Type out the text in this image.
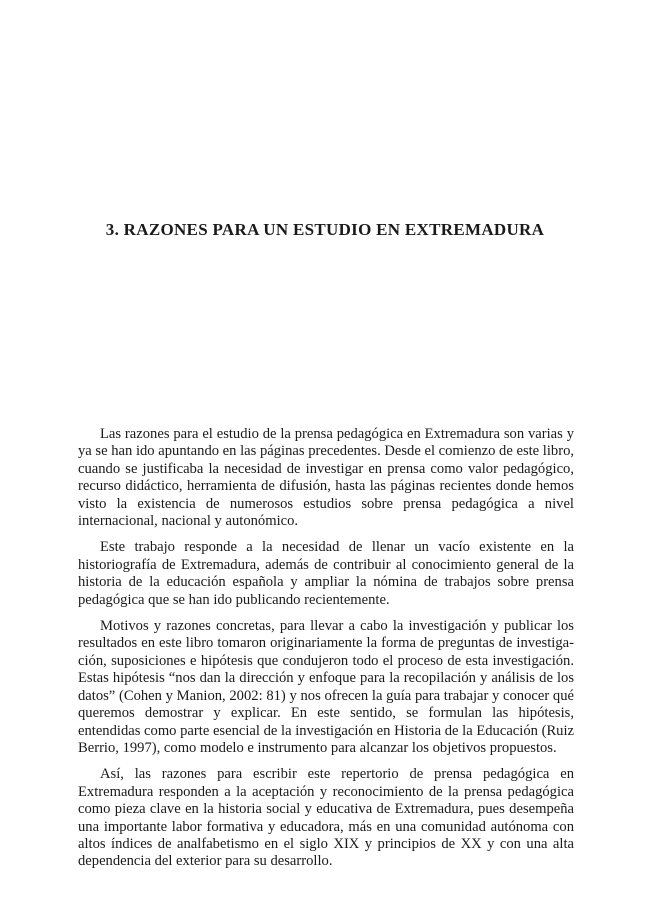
3. RAZONES PARA UN ESTUDIO EN EXTREMADURA

Las razones para el estudio de la prensa pedagógica en Extremadura son varias y ya se han ido apuntando en las páginas precedentes. Desde el comienzo de este libro, cuando se justificaba la necesidad de investigar en prensa como valor pedagógico, recurso didáctico, herramienta de difusión, hasta las páginas recientes donde hemos visto la existencia de numerosos estudios sobre prensa pedagógica a nivel internacional, nacional y autonómico.

Este trabajo responde a la necesidad de llenar un vacío existente en la historiografía de Extremadura, además de contribuir al conocimiento general de la historia de la educación española y ampliar la nómina de trabajos sobre prensa pedagógica que se han ido publicando recientemente.

Motivos y razones concretas, para llevar a cabo la investigación y publicar los resultados en este libro tomaron originariamente la forma de preguntas de investigación, suposiciones e hipótesis que condujeron todo el proceso de esta investigación. Estas hipótesis “nos dan la dirección y enfoque para la recopilación y análisis de los datos” (Cohen y Manion, 2002: 81) y nos ofrecen la guía para trabajar y conocer qué queremos demostrar y explicar. En este sentido, se formulan las hipótesis, entendidas como parte esencial de la investigación en Historia de la Educación (Ruiz Berrio, 1997), como modelo e instrumento para alcanzar los objetivos propuestos.

Así, las razones para escribir este repertorio de prensa pedagógica en Extremadura responden a la aceptación y reconocimiento de la prensa pedagógica como pieza clave en la historia social y educativa de Extremadura, pues desempeña una importante labor formativa y educadora, más en una comunidad autónoma con altos índices de analfabetismo en el siglo XIX y principios de XX y con una alta dependencia del exterior para su desarrollo.
